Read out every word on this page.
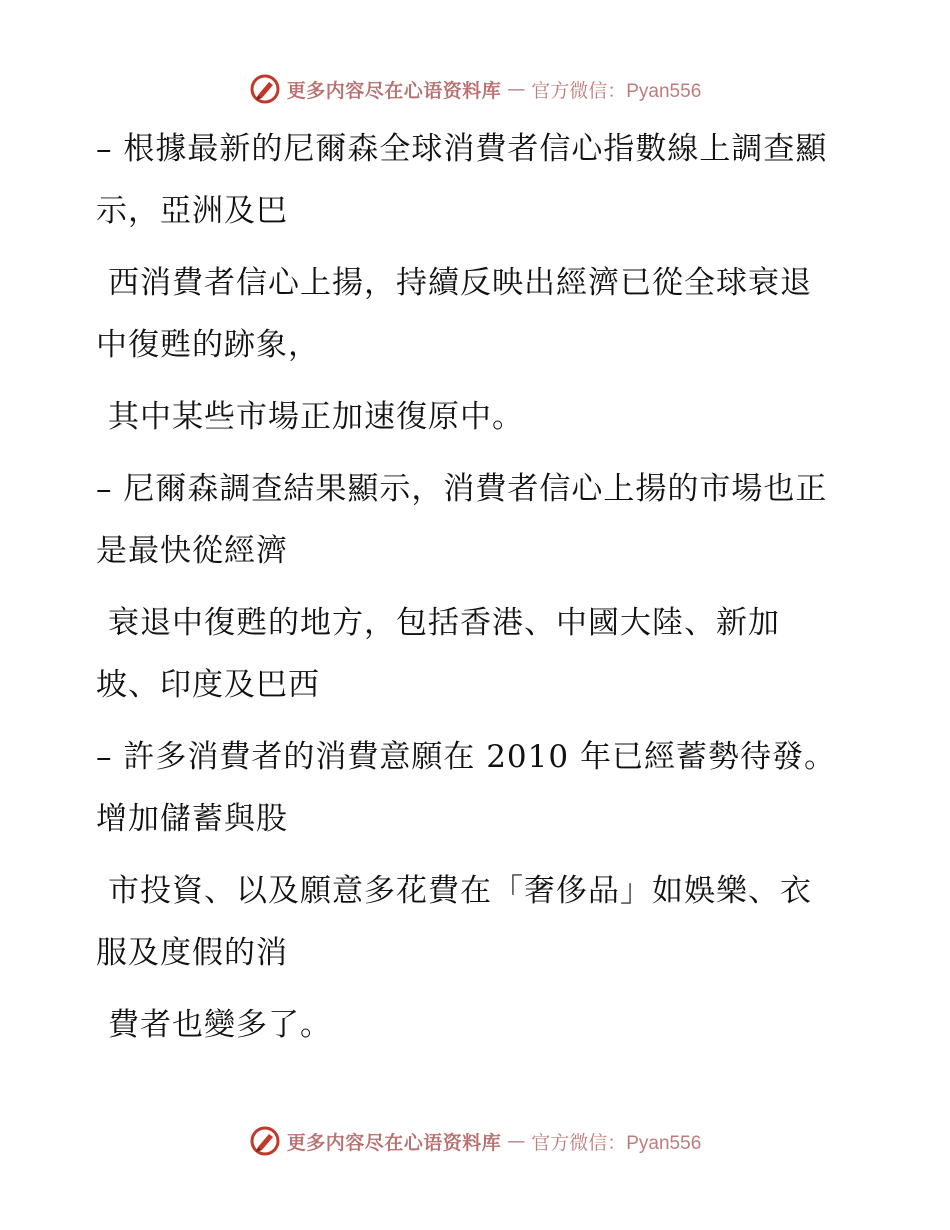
更多内容尽在心语资料库 — 官方微信：Pyan556

– 根據最新的尼爾森全球消費者信心指數線上調查顯示，亞洲及巴

西消費者信心上揚，持續反映出經濟已從全球衰退中復甦的跡象，

其中某些市場正加速復原中。

– 尼爾森調查結果顯示，消費者信心上揚的市場也正是最快從經濟

衰退中復甦的地方，包括香港、中國大陸、新加坡、印度及巴西

– 許多消費者的消費意願在 2010 年已經蓄勢待發。增加儲蓄與股

市投資、以及願意多花費在「奢侈品」如娛樂、衣服及度假的消

費者也變多了。

更多内容尽在心语资料库 — 官方微信：Pyan556
